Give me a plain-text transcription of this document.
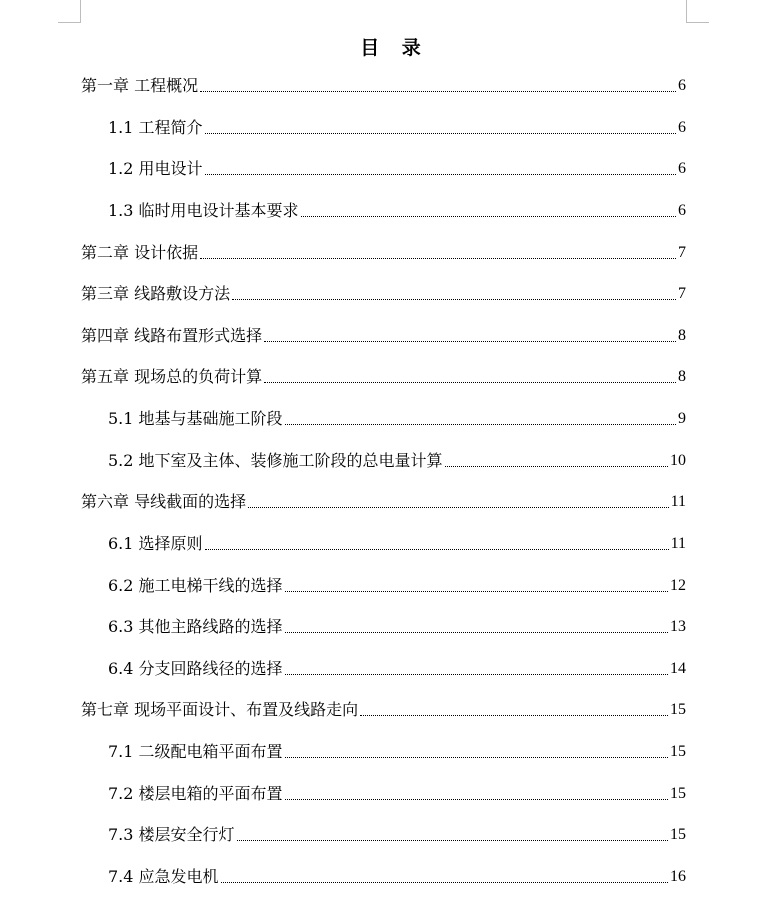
目 录
第一章 工程概况	6
1.1 工程简介	6
1.2 用电设计	6
1.3 临时用电设计基本要求	6
第二章 设计依据	7
第三章 线路敷设方法	7
第四章 线路布置形式选择	8
第五章 现场总的负荷计算	8
5.1 地基与基础施工阶段	9
5.2 地下室及主体、装修施工阶段的总电量计算	10
第六章 导线截面的选择	11
6.1 选择原则	11
6.2 施工电梯干线的选择	12
6.3 其他主路线路的选择	13
6.4 分支回路线径的选择	14
第七章 现场平面设计、布置及线路走向	15
7.1 二级配电箱平面布置	15
7.2 楼层电箱的平面布置	15
7.3 楼层安全行灯	15
7.4 应急发电机	16
